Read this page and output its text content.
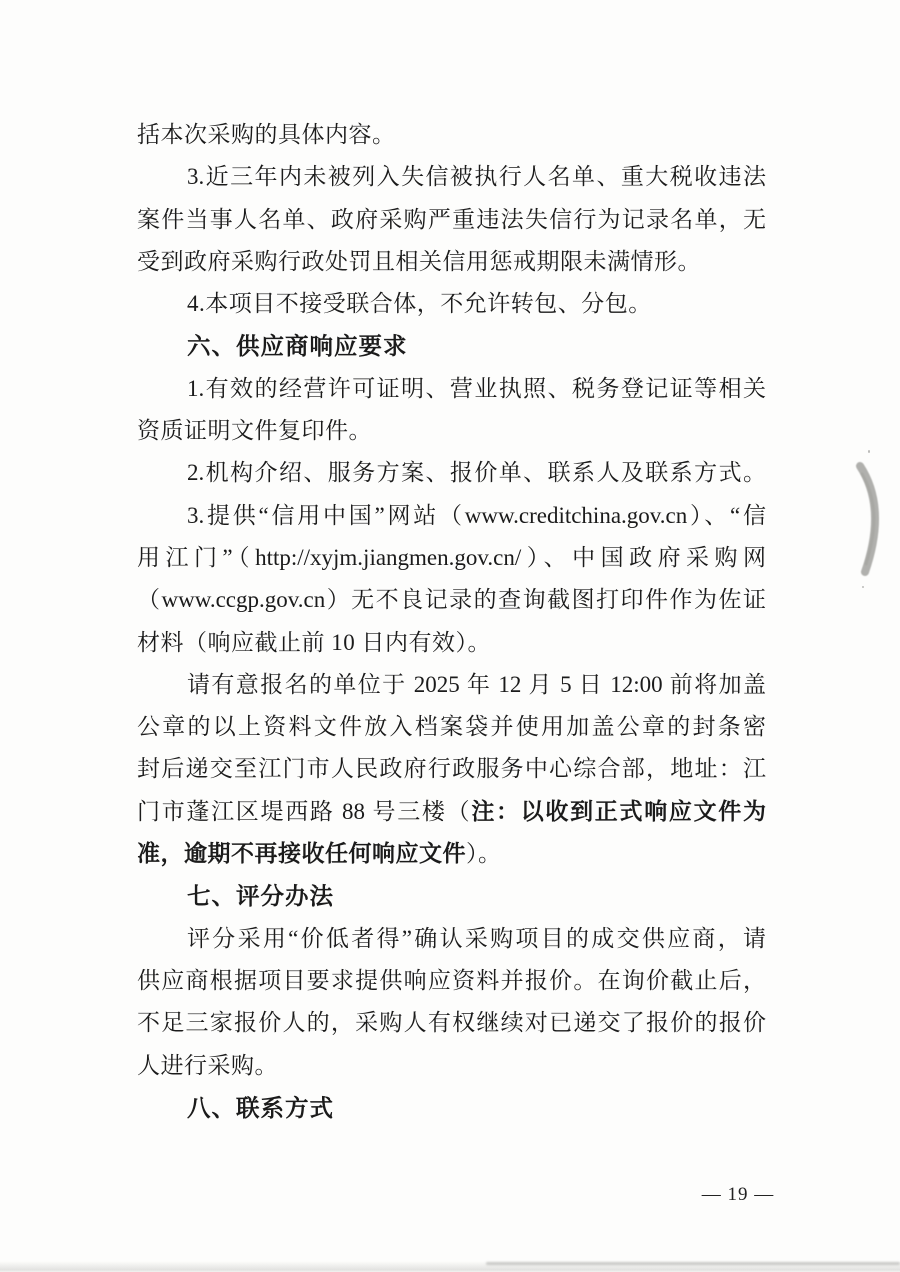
括本次采购的具体内容。
3.近三年内未被列入失信被执行人名单、重大税收违法
案件当事人名单、政府采购严重违法失信行为记录名单，无
受到政府采购行政处罚且相关信用惩戒期限未满情形。
4.本项目不接受联合体，不允许转包、分包。
六、供应商响应要求
1.有效的经营许可证明、营业执照、税务登记证等相关
资质证明文件复印件。
2.机构介绍、服务方案、报价单、联系人及联系方式。
3.提供“信用中国”网站（www.creditchina.gov.cn）、“信
用江门”（http://xyjm.jiangmen.gov.cn/）、中国政府采购网
（www.ccgp.gov.cn）无不良记录的查询截图打印件作为佐证
材料（响应截止前 10 日内有效）。
请有意报名的单位于 2025 年 12 月 5 日 12:00 前将加盖
公章的以上资料文件放入档案袋并使用加盖公章的封条密
封后递交至江门市人民政府行政服务中心综合部，地址：江
门市蓬江区堤西路 88 号三楼（注：以收到正式响应文件为
准，逾期不再接收任何响应文件）。
七、评分办法
评分采用“价低者得”确认采购项目的成交供应商，请
供应商根据项目要求提供响应资料并报价。在询价截止后，
不足三家报价人的，采购人有权继续对已递交了报价的报价
人进行采购。
八、联系方式
— 19 —
